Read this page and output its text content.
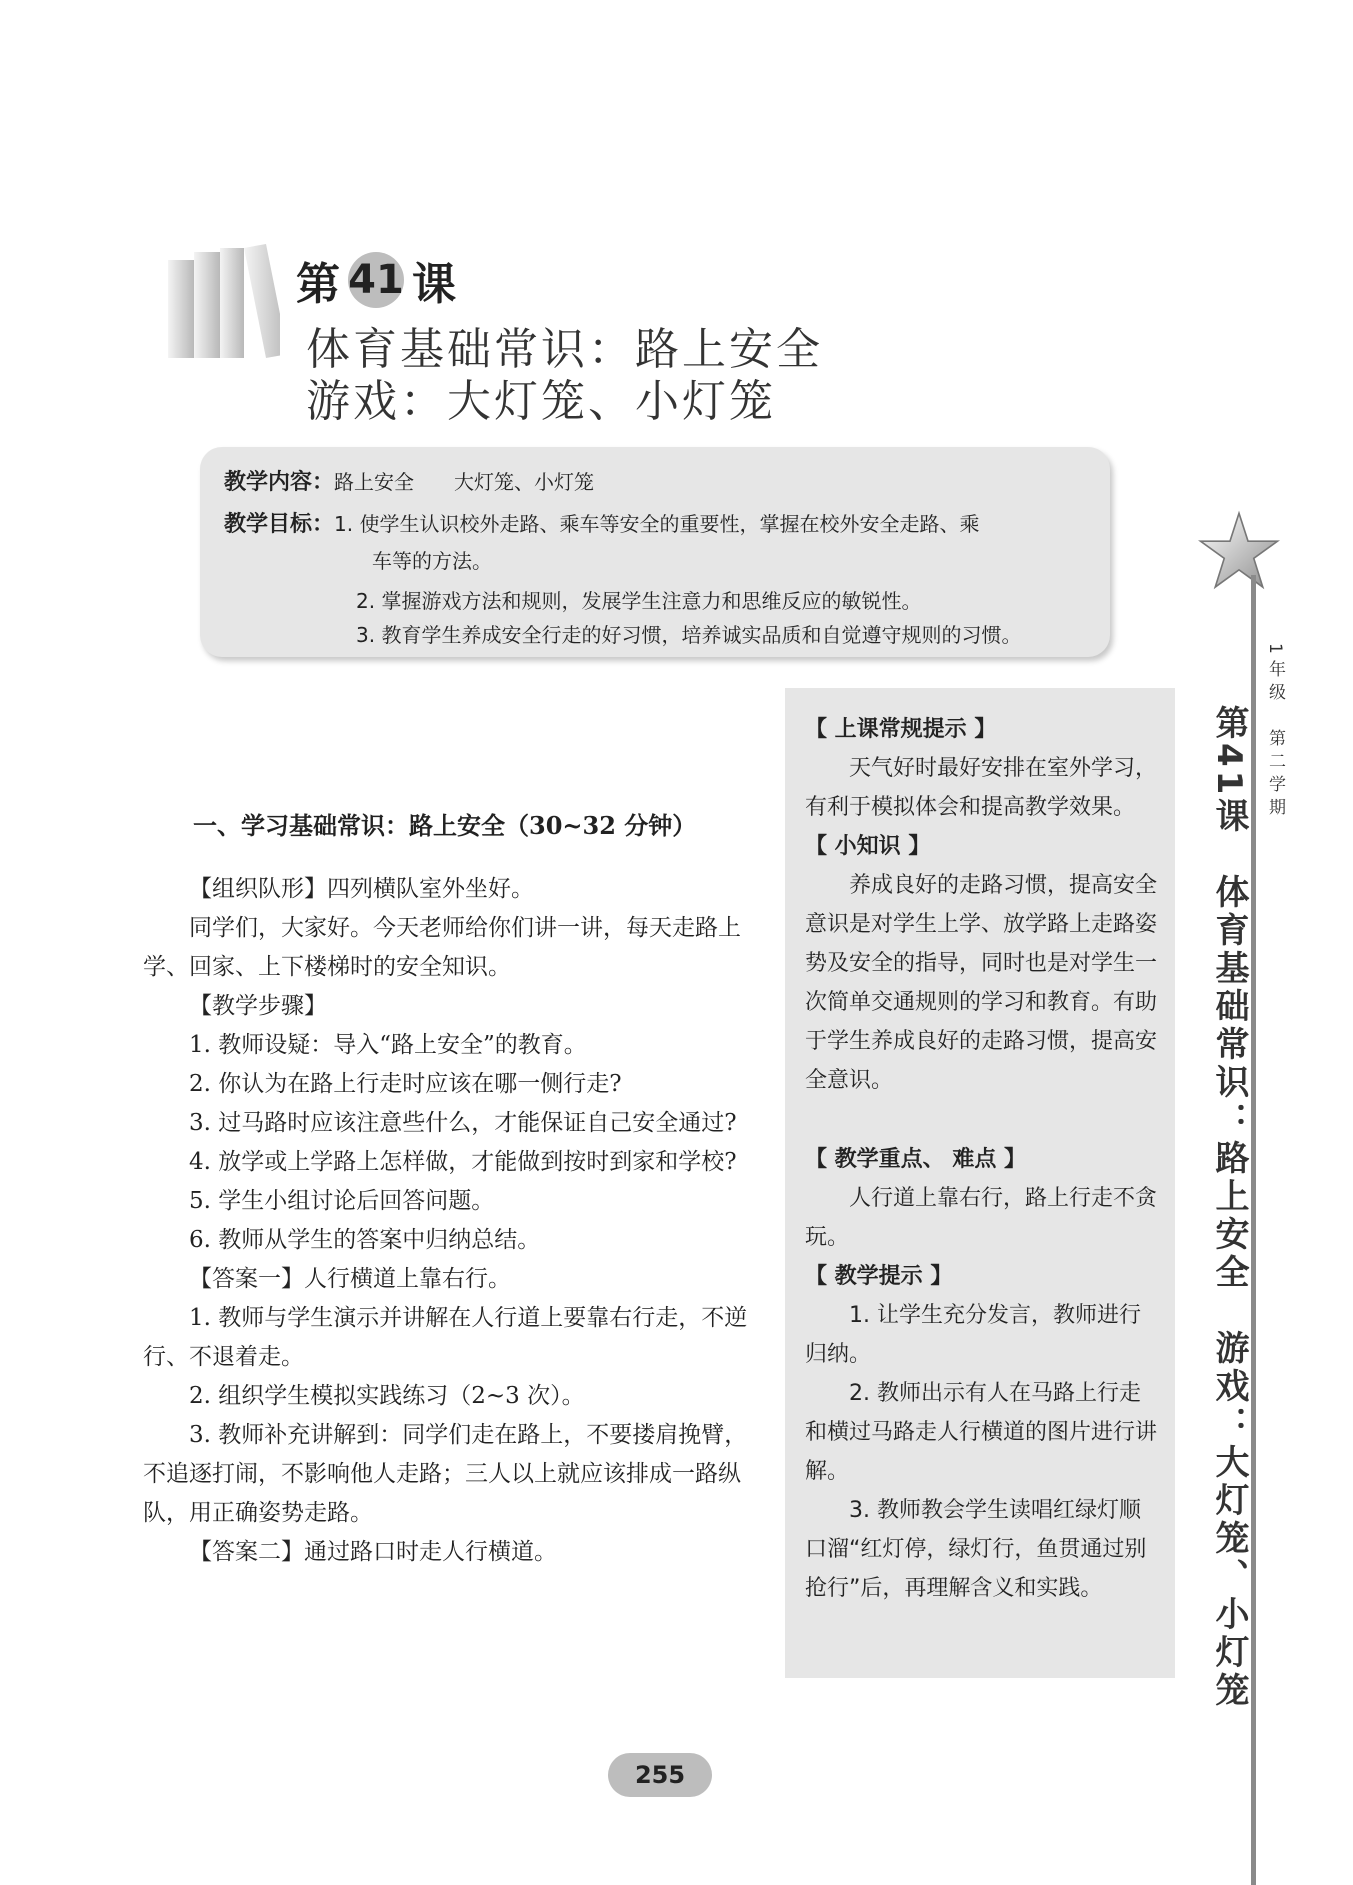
第 41 课
体育基础常识：路上安全
游戏：大灯笼、小灯笼
教学内容：路上安全　　大灯笼、小灯笼
教学目标：1. 使学生认识校外走路、乘车等安全的重要性，掌握在校外安全走路、乘
车等的方法。
2. 掌握游戏方法和规则，发展学生注意力和思维反应的敏锐性。
3. 教育学生养成安全行走的好习惯，培养诚实品质和自觉遵守规则的习惯。
1年级　第二学期
第41课　体育基础常识：路上安全　游戏：大灯笼、小灯笼
一、学习基础常识：路上安全（30~32 分钟）

【组织队形】四列横队室外坐好。

同学们，大家好。今天老师给你们讲一讲，每天走路上学、回家、上下楼梯时的安全知识。

【教学步骤】

1. 教师设疑：导入“路上安全”的教育。

2. 你认为在路上行走时应该在哪一侧行走?

3. 过马路时应该注意些什么，才能保证自己安全通过?

4. 放学或上学路上怎样做，才能做到按时到家和学校?

5. 学生小组讨论后回答问题。

6. 教师从学生的答案中归纳总结。

【答案一】人行横道上靠右行。

1. 教师与学生演示并讲解在人行道上要靠右行走，不逆行、不退着走。

2. 组织学生模拟实践练习（2~3 次）。

3. 教师补充讲解到：同学们走在路上，不要搂肩挽臂，不追逐打闹，不影响他人走路；三人以上就应该排成一路纵队，用正确姿势走路。

【答案二】通过路口时走人行横道。

【 上课常规提示 】

天气好时最好安排在室外学习，有利于模拟体会和提高教学效果。

【 小知识 】

养成良好的走路习惯，提高安全意识是对学生上学、放学路上走路姿势及安全的指导，同时也是对学生一次简单交通规则的学习和教育。有助于学生养成良好的走路习惯，提高安全意识。

【 教学重点、 难点 】

人行道上靠右行，路上行走不贪玩。

【 教学提示 】

1. 让学生充分发言，教师进行归纳。

2. 教师出示有人在马路上行走和横过马路走人行横道的图片进行讲解。

3. 教师教会学生读唱红绿灯顺口溜“红灯停，绿灯行，鱼贯通过别抢行”后，再理解含义和实践。

255
